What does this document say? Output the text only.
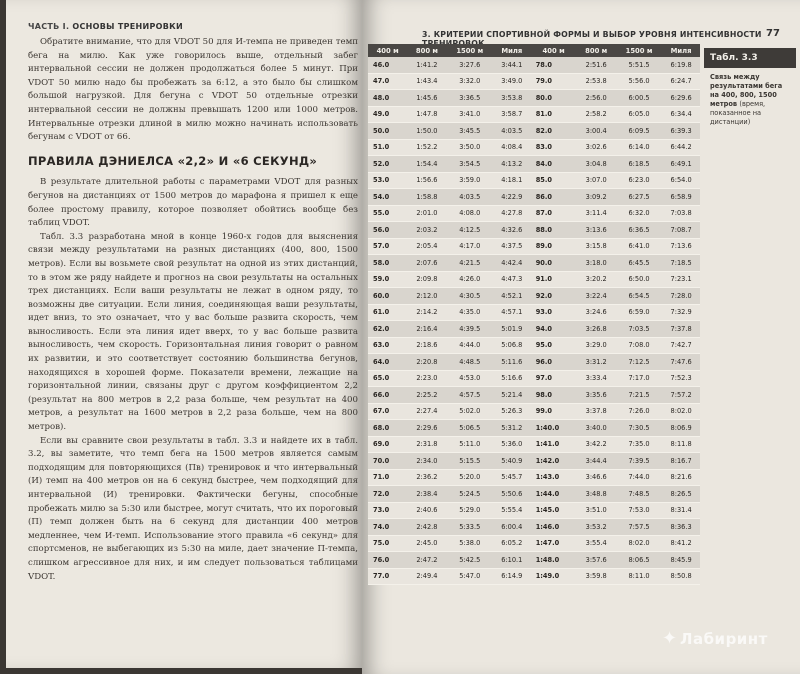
ЧАСТЬ I. ОСНОВЫ ТРЕНИРОВКИ

Обратите внимание, что для VDOT 50 для И-темпа не приведен темп бега на милю. Как уже говорилось выше, отдельный забег интервальной сессии не должен продолжаться более 5 минут. При VDOT 50 милю надо бы пробежать за 6:12, а это было бы слишком большой нагрузкой. Для бегуна с VDOT 50 отдельные отрезки интервальной сессии не должны превышать 1200 или 1000 метров. Интервальные отрезки длиной в милю можно начинать использовать бегунам с VDOT от 66.

ПРАВИЛА ДЭНИЕЛСА «2,2» И «6 СЕКУНД»

В результате длительной работы с параметрами VDOT для разных бегунов на дистанциях от 1500 метров до марафона я пришел к еще более простому правилу, которое позволяет обойтись вообще без таблиц VDOT.

Табл. 3.3 разработана мной в конце 1960-х годов для выяснения связи между результатами на разных дистанциях (400, 800, 1500 метров). Если вы возьмете свой результат на одной из этих дистанций, то в этом же ряду найдете и прогноз на свои результаты на остальных трех дистанциях. Если ваши результаты не лежат в одном ряду, то возможны две ситуации. Если линия, соединяющая ваши результаты, идет вниз, то это означает, что у вас больше развита скорость, чем выносливость. Если эта линия идет вверх, то у вас больше развита выносливость, чем скорость. Горизонтальная линия говорит о равном их развитии, и это соответствует состоянию большинства бегунов, находящихся в хорошей форме. Показатели времени, лежащие на горизонтальной линии, связаны друг с другом коэффициентом 2,2 (результат на 800 метров в 2,2 раза больше, чем результат на 400 метров, а результат на 1600 метров в 2,2 раза больше, чем на 800 метров).

Если вы сравните свои результаты в табл. 3.3 и найдете их в табл. 3.2, вы заметите, что темп бега на 1500 метров является самым подходящим для повторяющихся (Пв) тренировок и что интервальный (И) темп на 400 метров он на 6 секунд быстрее, чем подходящий для интервальной (И) тренировки. Фактически бегуны, способные пробежать милю за 5:30 или быстрее, могут считать, что их пороговый (П) темп должен быть на 6 секунд для дистанции 400 метров медленнее, чем И-темп. Использование этого правила «6 секунд» для спортсменов, не выбегающих из 5:30 на миле, дает значение П-темпа, слишком агрессивное для них, и им следует пользоваться таблицами VDOT.

3. КРИТЕРИИ СПОРТИВНОЙ ФОРМЫ И ВЫБОР УРОВНЯ ИНТЕНСИВНОСТИ 77
400 м	800 м	1500 м	Миля	400 м	800 м	1500 м	Миля
46.0	1:41.2	3:27.6	3:44.1	78.0	2:51.6	5:51.5	6:19.8
47.0	1:43.4	3:32.0	3:49.0	79.0	2:53.8	5:56.0	6:24.7
48.0	1:45.6	3:36.5	3:53.8	80.0	2:56.0	6:00.5	6:29.6
49.0	1:47.8	3:41.0	3:58.7	81.0	2:58.2	6:05.0	6:34.4
50.0	1:50.0	3:45.5	4:03.5	82.0	3:00.4	6:09.5	6:39.3
51.0	1:52.2	3:50.0	4:08.4	83.0	3:02.6	6:14.0	6:44.2
52.0	1:54.4	3:54.5	4:13.2	84.0	3:04.8	6:18.5	6:49.1
53.0	1:56.6	3:59.0	4:18.1	85.0	3:07.0	6:23.0	6:54.0
54.0	1:58.8	4:03.5	4:22.9	86.0	3:09.2	6:27.5	6:58.9
55.0	2:01.0	4:08.0	4:27.8	87.0	3:11.4	6:32.0	7:03.8
56.0	2:03.2	4:12.5	4:32.6	88.0	3:13.6	6:36.5	7:08.7
57.0	2:05.4	4:17.0	4:37.5	89.0	3:15.8	6:41.0	7:13.6
58.0	2:07.6	4:21.5	4:42.4	90.0	3:18.0	6:45.5	7:18.5
59.0	2:09.8	4:26.0	4:47.3	91.0	3:20.2	6:50.0	7:23.1
60.0	2:12.0	4:30.5	4:52.1	92.0	3:22.4	6:54.5	7:28.0
61.0	2:14.2	4:35.0	4:57.1	93.0	3:24.6	6:59.0	7:32.9
62.0	2:16.4	4:39.5	5:01.9	94.0	3:26.8	7:03.5	7:37.8
63.0	2:18.6	4:44.0	5:06.8	95.0	3:29.0	7:08.0	7:42.7
64.0	2:20.8	4:48.5	5:11.6	96.0	3:31.2	7:12.5	7:47.6
65.0	2:23.0	4:53.0	5:16.6	97.0	3:33.4	7:17.0	7:52.3
66.0	2:25.2	4:57.5	5:21.4	98.0	3:35.6	7:21.5	7:57.2
67.0	2:27.4	5:02.0	5:26.3	99.0	3:37.8	7:26.0	8:02.0
68.0	2:29.6	5:06.5	5:31.2	1:40.0	3:40.0	7:30.5	8:06.9
69.0	2:31.8	5:11.0	5:36.0	1:41.0	3:42.2	7:35.0	8:11.8
70.0	2:34.0	5:15.5	5:40.9	1:42.0	3:44.4	7:39.5	8:16.7
71.0	2:36.2	5:20.0	5:45.7	1:43.0	3:46.6	7:44.0	8:21.6
72.0	2:38.4	5:24.5	5:50.6	1:44.0	3:48.8	7:48.5	8:26.5
73.0	2:40.6	5:29.0	5:55.4	1:45.0	3:51.0	7:53.0	8:31.4
74.0	2:42.8	5:33.5	6:00.4	1:46.0	3:53.2	7:57.5	8:36.3
75.0	2:45.0	5:38.0	6:05.2	1:47.0	3:55.4	8:02.0	8:41.2
76.0	2:47.2	5:42.5	6:10.1	1:48.0	3:57.6	8:06.5	8:45.9
77.0	2:49.4	5:47.0	6:14.9	1:49.0	3:59.8	8:11.0	8:50.8
Табл. 3.3
Связь между результатами бега на 400, 800, 1500 метров (время, показанное на дистанции)
✦ Лабиринт
